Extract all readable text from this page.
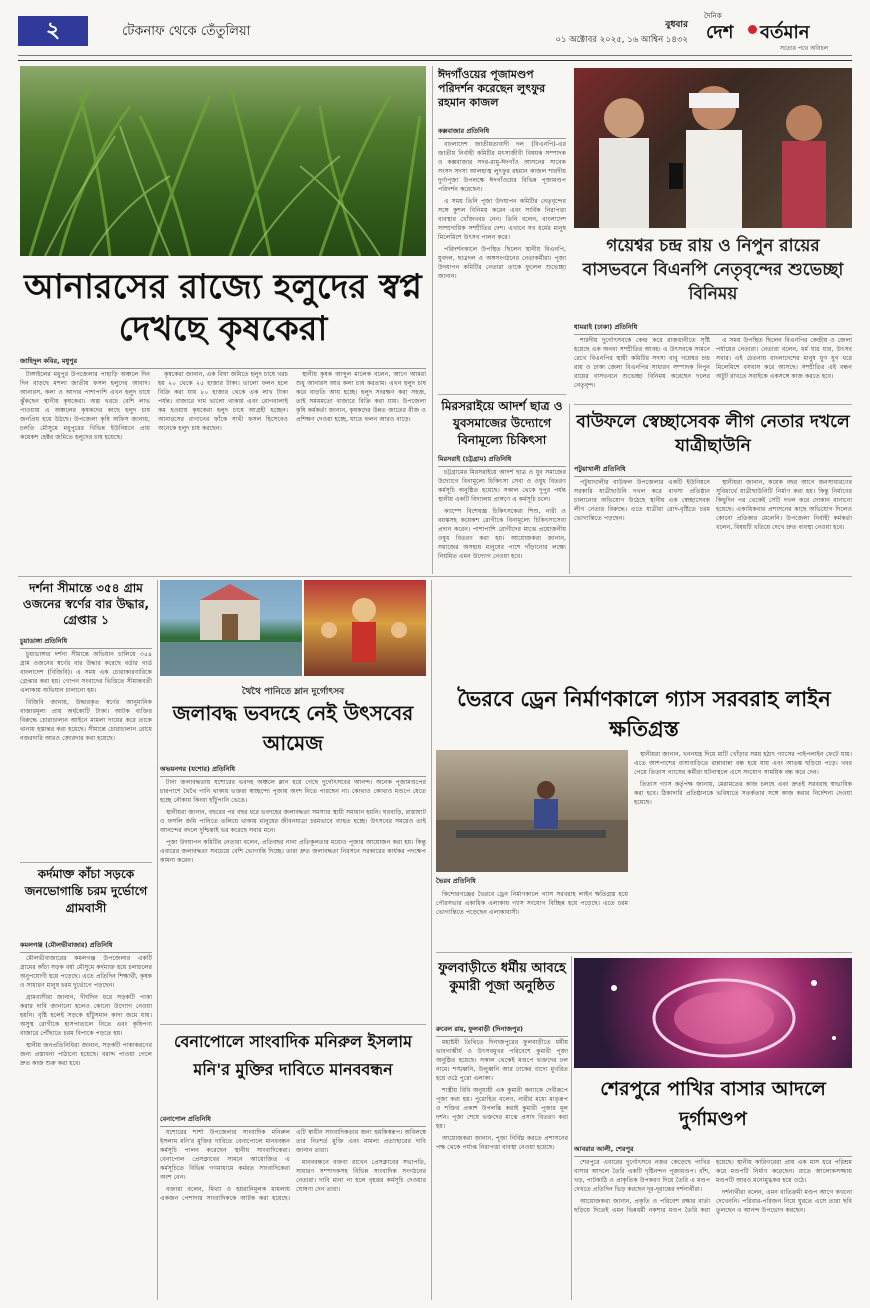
২	টেকনাফ থেকে তেঁতুলিয়া	বুধবার
০১ অক্টোবর ২০২৫, ১৬ আশ্বিন ১৪৩২
দৈনিক
দেশ বর্তমান
সত্যের পথে অবিচল
আনারসের রাজ্যে হলুদের স্বপ্ন দেখছে কৃষকেরা
জাহিদুল কবির, মধুপুর

টাঙ্গাইলের মধুপুর উপজেলার পাহাড়ি অঞ্চলে দিন দিন বাড়ছে মশলা জাতীয় ফসল হলুদের আবাদ। আনারস, কলা ও আদার পাশাপাশি এখন হলুদ চাষে ঝুঁকছেন স্থানীয় কৃষকেরা। অল্প খরচে বেশি লাভ পাওয়ায় এ অঞ্চলের কৃষকদের কাছে হলুদ চাষ জনপ্রিয় হয়ে উঠছে। উপজেলা কৃষি অফিস জানায়, চলতি মৌসুমে মধুপুরের বিভিন্ন ইউনিয়নে প্রায় কয়েকশ হেক্টর জমিতে হলুদের চাষ হয়েছে।

কৃষকেরা জানান, এক বিঘা জমিতে হলুদ চাষে খরচ হয় ২০ থেকে ২৫ হাজার টাকা। ভালো ফলন হলে বিক্রি করা যায় ৮০ হাজার থেকে এক লাখ টাকা পর্যন্ত। বাজারে দাম ভালো থাকায় এবং রোগবালাই কম হওয়ায় কৃষকেরা হলুদ চাষে আগ্রহী হচ্ছেন। আনারসের বাগানের ফাঁকে সাথী ফসল হিসেবেও অনেকে হলুদ চাষ করছেন।

স্থানীয় কৃষক আব্দুল মালেক বলেন, আগে আমরা শুধু আনারস আর কলা চাষ করতাম। এখন হলুদ চাষ করে বাড়তি আয় হচ্ছে। হলুদ সংরক্ষণ করা সহজ, তাই সময়মতো বাজারে বিক্রি করা যায়। উপজেলা কৃষি কর্মকর্তা জানান, কৃষকদের উন্নত জাতের বীজ ও প্রশিক্ষণ দেওয়া হচ্ছে, যাতে ফলন আরও বাড়ে।

ঈদগাঁওয়ের পূজামণ্ডপ পরিদর্শন করেছেন লুৎফুর রহমান কাজল
কক্সবাজার প্রতিনিধি

বাংলাদেশ জাতীয়তাবাদী দল (বিএনপি)-এর জাতীয় নির্বাহী কমিটির মৎস্যজীবী বিষয়ক সম্পাদক ও কক্সবাজার সদর-রামু-ঈদগাঁও আসনের সাবেক সংসদ সদস্য আলহাজ্ব লুৎফুর রহমান কাজল শারদীয় দুর্গাপূজা উপলক্ষে ঈদগাঁওয়ের বিভিন্ন পূজামণ্ডপ পরিদর্শন করেছেন।

এ সময় তিনি পূজা উদযাপন কমিটির নেতৃবৃন্দের সঙ্গে কুশল বিনিময় করেন এবং সার্বিক নিরাপত্তা ব্যবস্থার খোঁজখবর নেন। তিনি বলেন, বাংলাদেশ সাম্প্রদায়িক সম্প্রীতির দেশ। এখানে সব ধর্মের মানুষ মিলেমিশে উৎসব পালন করে।

পরিদর্শনকালে উপস্থিত ছিলেন স্থানীয় বিএনপি, যুবদল, ছাত্রদল ও অঙ্গসংগঠনের নেতাকর্মীরা। পূজা উদযাপন কমিটির নেতারা তাকে ফুলেল শুভেচ্ছা জানান।

গয়েশ্বর চন্দ্র রায় ও নিপুন রায়ের বাসভবনে বিএনপি নেতৃবৃন্দের শুভেচ্ছা বিনিময়
ধামরাই (ঢাকা) প্রতিনিধি

শারদীয় দুর্গোৎসবকে কেন্দ্র করে রাজধানীতে সৃষ্টি হয়েছে এক অনন্য সম্প্রীতির আবহ। এ উৎসবকে সামনে রেখে বিএনপির স্থায়ী কমিটির সদস্য বাবু গয়েশ্বর চন্দ্র রায় ও ঢাকা জেলা বিএনপির সাধারণ সম্পাদক নিপুন রায়ের বাসভবনে শুভেচ্ছা বিনিময় করেছেন দলের নেতৃবৃন্দ।

এ সময় উপস্থিত ছিলেন বিএনপির কেন্দ্রীয় ও জেলা পর্যায়ের নেতারা। নেতারা বলেন, ধর্ম যার যার, উৎসব সবার। এই চেতনায় বাংলাদেশের মানুষ যুগ যুগ ধরে মিলেমিশে বসবাস করে আসছে। সম্প্রীতির এই বন্ধন অটুট রাখতে সবাইকে একসঙ্গে কাজ করতে হবে।

মিরসরাইয়ে আদর্শ ছাত্র ও যুবসমাজের উদ্যোগে বিনামূল্যে চিকিৎসা
মিরসরাই (চট্টগ্রাম) প্রতিনিধি

চট্টগ্রামের মিরসরাইয়ে আদর্শ ছাত্র ও যুব সমাজের উদ্যোগে বিনামূল্যে চিকিৎসা সেবা ও ওষুধ বিতরণ কর্মসূচি অনুষ্ঠিত হয়েছে। সকাল থেকে দুপুর পর্যন্ত স্থানীয় একটি বিদ্যালয় প্রাঙ্গণে এ কর্মসূচি চলে।

ক্যাম্পে বিশেষজ্ঞ চিকিৎসকেরা শিশু, নারী ও বয়স্কসহ কয়েকশ রোগীকে বিনামূল্যে চিকিৎসাসেবা প্রদান করেন। পাশাপাশি রোগীদের মাঝে প্রয়োজনীয় ওষুধ বিতরণ করা হয়। আয়োজকরা জানান, সমাজের অসহায় মানুষের পাশে দাঁড়ানোর লক্ষ্যে নিয়মিত এমন উদ্যোগ নেওয়া হবে।

বাউফলে স্বেচ্ছাসেবক লীগ নেতার দখলে যাত্রীছাউনি
পটুয়াখালী প্রতিনিধি

পটুয়াখালীর বাউফল উপজেলার একটি ইউনিয়নে সরকারি যাত্রীছাউনি দখল করে ব্যবসা প্রতিষ্ঠান চালানোর অভিযোগ উঠেছে স্থানীয় এক স্বেচ্ছাসেবক লীগ নেতার বিরুদ্ধে। এতে যাত্রীরা রোদ-বৃষ্টিতে চরম ভোগান্তিতে পড়ছেন।

স্থানীয়রা জানান, কয়েক বছর আগে জনসাধারণের সুবিধার্থে যাত্রীছাউনিটি নির্মাণ করা হয়। কিন্তু নির্মাণের কিছুদিন পর থেকেই সেটি দখল করে দোকান বানানো হয়েছে। একাধিকবার প্রশাসনের কাছে অভিযোগ দিলেও কোনো প্রতিকার মেলেনি। উপজেলা নির্বাহী কর্মকর্তা বলেন, বিষয়টি খতিয়ে দেখে দ্রুত ব্যবস্থা নেওয়া হবে।

দর্শনা সীমান্তে ৩৫৪ গ্রাম ওজনের স্বর্ণের বার উদ্ধার, গ্রেপ্তার ১
চুয়াডাঙ্গা প্রতিনিধি

চুয়াডাঙ্গার দর্শনা সীমান্তে অভিযান চালিয়ে ৩৫৪ গ্রাম ওজনের স্বর্ণের বার উদ্ধার করেছে বর্ডার গার্ড বাংলাদেশ (বিজিবি)। এ সময় এক চোরাকারবারিকে গ্রেপ্তার করা হয়। গোপন সংবাদের ভিত্তিতে সীমান্তবর্তী এলাকায় অভিযান চালানো হয়।

বিজিবি জানায়, উদ্ধারকৃত স্বর্ণের আনুমানিক বাজারমূল্য প্রায় অর্ধকোটি টাকা। আটক ব্যক্তির বিরুদ্ধে চোরাচালান আইনে মামলা দায়ের করে তাকে থানায় হস্তান্তর করা হয়েছে। সীমান্তে চোরাচালান রোধে নজরদারি আরও জোরদার করা হয়েছে।

কর্দমাক্ত কাঁচা সড়কে জনভোগান্তি চরম দুর্ভোগে গ্রামবাসী
কমলগঞ্জ (মৌলভীবাজার) প্রতিনিধি

মৌলভীবাজারের কমলগঞ্জ উপজেলার একটি গ্রামের কাঁচা সড়ক বর্ষা মৌসুমে কর্দমাক্ত হয়ে চলাচলের অনুপযোগী হয়ে পড়েছে। এতে প্রতিদিন শিক্ষার্থী, কৃষক ও সাধারণ মানুষ চরম দুর্ভোগে পড়ছেন।

গ্রামবাসীরা জানান, দীর্ঘদিন ধরে সড়কটি পাকা করার দাবি জানানো হলেও কোনো উদ্যোগ নেওয়া হয়নি। বৃষ্টি হলেই সড়কে হাঁটুসমান কাদা জমে যায়। অসুস্থ রোগীকে হাসপাতালে নিতে এবং কৃষিপণ্য বাজারে পৌঁছাতে চরম বিপাকে পড়তে হয়।

স্থানীয় জনপ্রতিনিধিরা জানান, সড়কটি পাকাকরণের জন্য প্রস্তাবনা পাঠানো হয়েছে। বরাদ্দ পাওয়া গেলে দ্রুত কাজ শুরু করা হবে।

থৈথৈ পানিতে ম্লান দুর্গোৎসব
জলাবদ্ধ ভবদহে নেই উৎসবের আমেজ
অভয়নগর (যশোর) প্রতিনিধি

টানা জলাবদ্ধতায় যশোরের ভবদহ অঞ্চলে ম্লান হয়ে গেছে দুর্গোৎসবের আনন্দ। অনেক পূজামণ্ডপের চারপাশে থৈথৈ পানি থাকায় ভক্তরা স্বাচ্ছন্দ্যে পূজায় অংশ নিতে পারছেন না। কোথাও কোথাও মণ্ডপে যেতে হচ্ছে নৌকায় কিংবা হাঁটুপানি ভেঙে।

স্থানীয়রা জানান, বছরের পর বছর ধরে ভবদহের জলাবদ্ধতা সমস্যার স্থায়ী সমাধান হয়নি। ঘরবাড়ি, রাস্তাঘাট ও ফসলি জমি পানিতে তলিয়ে থাকায় মানুষের জীবনযাত্রা চরমভাবে ব্যাহত হচ্ছে। উৎসবের সময়েও তাই আনন্দের বদলে দুশ্চিন্তাই ভর করেছে সবার মনে।

পূজা উদযাপন কমিটির নেতারা বলেন, প্রতিবছর নানা প্রতিকূলতার মধ্যেও পূজার আয়োজন করা হয়। কিন্তু এবারের জলাবদ্ধতা সবচেয়ে বেশি ভোগান্তি দিচ্ছে। তারা দ্রুত জলাবদ্ধতা নিরসনে সরকারের কার্যকর পদক্ষেপ কামনা করেন।

বেনাপোলে সাংবাদিক মনিরুল ইসলাম মনি'র মুক্তির দাবিতে মানববন্ধন
বেনাপোল প্রতিনিধি

যশোরের শার্শা উপজেলার সাংবাদিক মনিরুল ইসলাম মনি'র মুক্তির দাবিতে বেনাপোলে মানববন্ধন কর্মসূচি পালন করেছেন স্থানীয় সাংবাদিকেরা। বেনাপোল প্রেসক্লাবের সামনে আয়োজিত এ কর্মসূচিতে বিভিন্ন গণমাধ্যমে কর্মরত সাংবাদিকেরা অংশ নেন।

বক্তারা বলেন, মিথ্যা ও হয়রানিমূলক মামলায় একজন পেশাদার সাংবাদিককে আটক করা হয়েছে। এটি স্বাধীন সাংবাদিকতার জন্য হুমকিস্বরূপ। অবিলম্বে তার নিঃশর্ত মুক্তি এবং মামলা প্রত্যাহারের দাবি জানান তারা।

মানববন্ধনে বক্তব্য রাখেন প্রেসক্লাবের সভাপতি, সাধারণ সম্পাদকসহ বিভিন্ন সাংবাদিক সংগঠনের নেতারা। দাবি মানা না হলে বৃহত্তর কর্মসূচি দেওয়ার ঘোষণা দেন তারা।

ভৈরবে ড্রেন নির্মাণকালে গ্যাস সরবরাহ লাইন ক্ষতিগ্রস্ত
ভৈরব প্রতিনিধি

কিশোরগঞ্জের ভৈরবে ড্রেন নির্মাণকালে গ্যাস সরবরাহ লাইন ক্ষতিগ্রস্ত হয়ে পৌরসভার একাধিক এলাকায় গ্যাস সংযোগ বিচ্ছিন্ন হয়ে পড়েছে। এতে চরম ভোগান্তিতে পড়েছেন এলাকাবাসী।

স্থানীয়রা জানান, খননযন্ত্র দিয়ে মাটি খোঁড়ার সময় হঠাৎ গ্যাসের পাইপলাইন ফেটে যায়। এতে আশপাশের বাসাবাড়িতে রান্নাবান্না বন্ধ হয়ে যায় এবং আতঙ্ক ছড়িয়ে পড়ে। খবর পেয়ে তিতাস গ্যাসের কর্মীরা ঘটনাস্থলে এসে সংযোগ সাময়িক বন্ধ করে দেন।

তিতাস গ্যাস কর্তৃপক্ষ জানায়, মেরামতের কাজ চলছে এবং দ্রুতই সরবরাহ স্বাভাবিক করা হবে। ঠিকাদারি প্রতিষ্ঠানকে ভবিষ্যতে সতর্কতার সঙ্গে কাজ করার নির্দেশনা দেওয়া হয়েছে।

ফুলবাড়ীতে ধর্মীয় আবহে কুমারী পূজা অনুষ্ঠিত
রুবেল রায়, ফুলবাড়ী (দিনাজপুর)

মহাষ্টমী তিথিতে দিনাজপুরের ফুলবাড়ীতে ধর্মীয় ভাবগাম্ভীর্য ও উৎসবমুখর পরিবেশে কুমারী পূজা অনুষ্ঠিত হয়েছে। সকাল থেকেই মণ্ডপে ভক্তদের ঢল নামে। শঙ্খধ্বনি, উলুধ্বনি আর ঢাকের বাদ্যে মুখরিত হয়ে ওঠে পুরো এলাকা।

শাস্ত্রীয় বিধি অনুযায়ী এক কুমারী কন্যাকে দেবীরূপে পূজা করা হয়। পুরোহিত বলেন, নারীর মধ্যে মাতৃরূপ ও শক্তির প্রকাশ উপলব্ধি করাই কুমারী পূজার মূল দর্শন। পূজা শেষে ভক্তদের মাঝে প্রসাদ বিতরণ করা হয়।

আয়োজকরা জানান, পূজা নির্বিঘ্ন করতে প্রশাসনের পক্ষ থেকে পর্যাপ্ত নিরাপত্তা ব্যবস্থা নেওয়া হয়েছে।

শেরপুরে পাখির বাসার আদলে দুর্গামণ্ডপ
আবরার আলী, শেরপুর

শেরপুরে এবারের দুর্গোৎসবে নজর কেড়েছে পাখির বাসার আদলে তৈরি একটি দৃষ্টিনন্দন পূজামণ্ডপ। বাঁশ, খড়, পাটকাঠি ও প্রাকৃতিক উপকরণ দিয়ে তৈরি এ মণ্ডপ দেখতে প্রতিদিন ভিড় করছেন দূর-দূরান্তের দর্শনার্থীরা।

আয়োজকরা জানান, প্রকৃতি ও পরিবেশ রক্ষার বার্তা ছড়িয়ে দিতেই এমন ভিন্নধর্মী নকশার মণ্ডপ তৈরি করা হয়েছে। স্থানীয় কারিগরেরা প্রায় এক মাস ধরে পরিশ্রম করে মণ্ডপটি নির্মাণ করেছেন। রাতে আলোকসজ্জায় মণ্ডপটি আরও মনোমুগ্ধকর হয়ে ওঠে।

দর্শনার্থীরা বলেন, এমন ব্যতিক্রমী মণ্ডপ আগে কখনো দেখেননি। পরিবার-পরিজন নিয়ে ঘুরতে এসে তারা ছবি তুলছেন ও আনন্দ উপভোগ করছেন।
